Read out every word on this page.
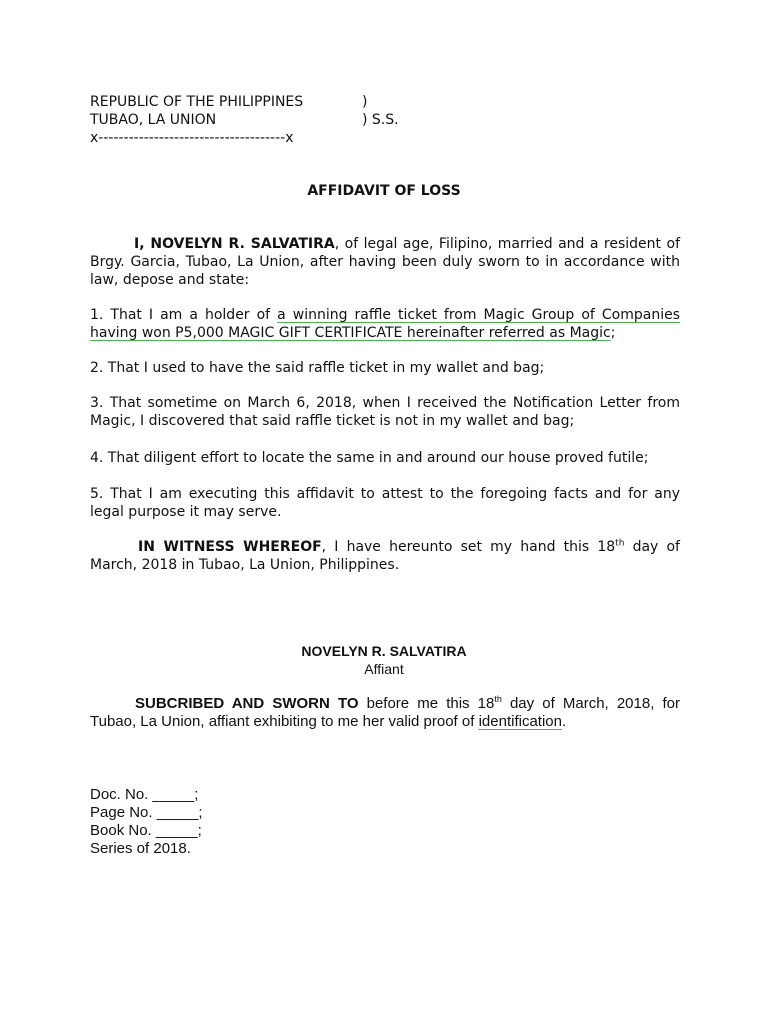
REPUBLIC OF THE PHILIPPINES	)
TUBAO, LA UNION	) S.S.
x-------------------------------------x
AFFIDAVIT OF LOSS
I, NOVELYN R. SALVATIRA, of legal age, Filipino, married and a resident of Brgy. Garcia, Tubao, La Union, after having been duly sworn to in accordance with law, depose and state:
1. That I am a holder of a winning raffle ticket from Magic Group of Companies having won P5,000 MAGIC GIFT CERTIFICATE hereinafter referred as Magic;
2. That I used to have the said raffle ticket in my wallet and bag;
3. That sometime on March 6, 2018, when I received the Notification Letter from Magic, I discovered that said raffle ticket is not in my wallet and bag;
4. That diligent effort to locate the same in and around our house proved futile;
5. That I am executing this affidavit to attest to the foregoing facts and for any legal purpose it may serve.
IN WITNESS WHEREOF, I have hereunto set my hand this 18th day of March, 2018 in Tubao, La Union, Philippines.
NOVELYN R. SALVATIRA
Affiant
SUBCRIBED AND SWORN TO before me this 18th day of March, 2018, for Tubao, La Union, affiant exhibiting to me her valid proof of identification.
Doc. No. _____;
Page No. _____;
Book No. _____;
Series of 2018.
